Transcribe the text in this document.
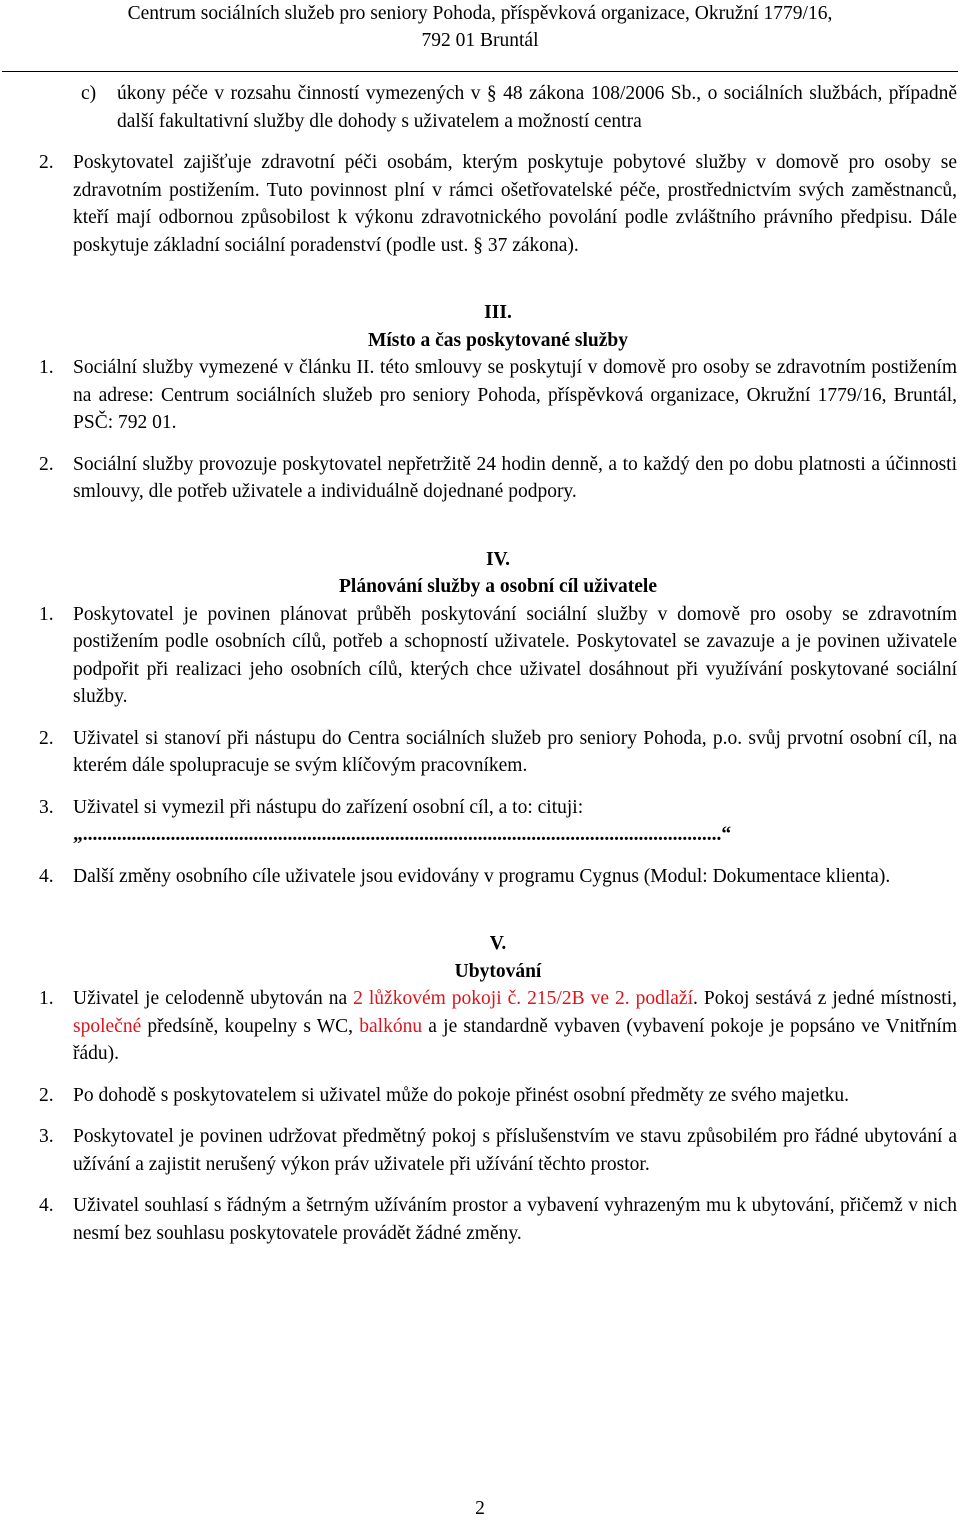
Centrum sociálních služeb pro seniory Pohoda, příspěvková organizace, Okružní 1779/16,
792 01 Bruntál
c)	úkony péče v rozsahu činností vymezených v § 48 zákona 108/2006 Sb., o sociálních službách, případně další fakultativní služby dle dohody s uživatelem a možností centra
2. Poskytovatel zajišťuje zdravotní péči osobám, kterým poskytuje pobytové služby v domově pro osoby se zdravotním postižením. Tuto povinnost plní v rámci ošetřovatelské péče, prostřednictvím svých zaměstnanců, kteří mají odbornou způsobilost k výkonu zdravotnického povolání podle zvláštního právního předpisu. Dále poskytuje základní sociální poradenství (podle ust. § 37 zákona).
III.
Místo a čas poskytované služby
1. Sociální služby vymezené v článku II. této smlouvy se poskytují v domově pro osoby se zdravotním postižením na adrese: Centrum sociálních služeb pro seniory Pohoda, příspěvková organizace, Okružní 1779/16, Bruntál, PSČ: 792 01.
2. Sociální služby provozuje poskytovatel nepřetržitě 24 hodin denně, a to každý den po dobu platnosti a účinnosti smlouvy, dle potřeb uživatele a individuálně dojednané podpory.
IV.
Plánování služby a osobní cíl uživatele
1. Poskytovatel je povinen plánovat průběh poskytování sociální služby v domově pro osoby se zdravotním postižením podle osobních cílů, potřeb a schopností uživatele. Poskytovatel se zavazuje a je povinen uživatele podpořit při realizaci jeho osobních cílů, kterých chce uživatel dosáhnout při využívání poskytované sociální služby.
2. Uživatel si stanoví při nástupu do Centra sociálních služeb pro seniory Pohoda, p.o. svůj prvotní osobní cíl, na kterém dále spolupracuje se svým klíčovým pracovníkem.
3. Uživatel si vymezil při nástupu do zařízení osobní cíl, a to: cituji:
„...................................................................................................................................“
4. Další změny osobního cíle uživatele jsou evidovány v programu Cygnus (Modul: Dokumentace klienta).
V.
Ubytování
1. Uživatel je celodenně ubytován na 2 lůžkovém pokoji č. 215/2B ve 2. podlaží. Pokoj sestává z jedné místnosti, společné předsíně, koupelny s WC, balkónu a je standardně vybaven (vybavení pokoje je popsáno ve Vnitřním řádu).
2. Po dohodě s poskytovatelem si uživatel může do pokoje přinést osobní předměty ze svého majetku.
3. Poskytovatel je povinen udržovat předmětný pokoj s příslušenstvím ve stavu způsobilém pro řádné ubytování a užívání a zajistit nerušený výkon práv uživatele při užívání těchto prostor.
4. Uživatel souhlasí s řádným a šetrným užíváním prostor a vybavení vyhrazeným mu k ubytování, přičemž v nich nesmí bez souhlasu poskytovatele provádět žádné změny.
2
